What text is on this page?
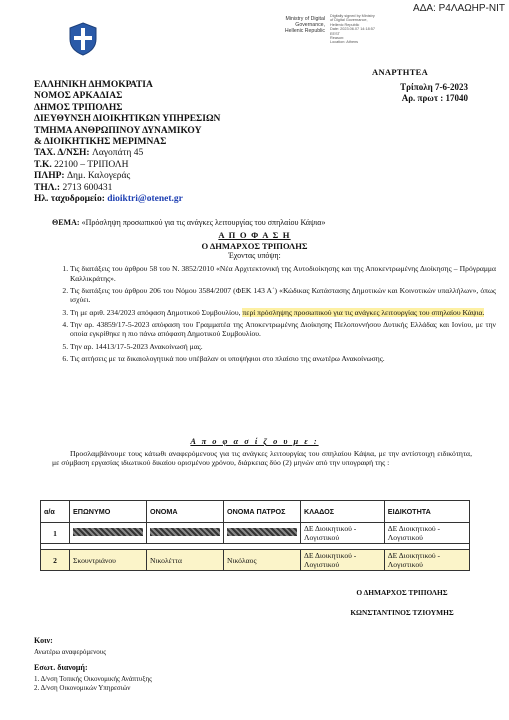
ΑΔΑ: Ρ4ΛΑΩΗΡ-ΝΙΤ
Ministry of Digital
Governance,
Hellenic Republic
Digitally signed by Ministry
of Digital Governance,
Hellenic Republic
Date: 2023.06.07 14:18:57
EEST
Reason:
Location: Athens
ΑΝΑΡΤΗΤΕΑ
ΕΛΛΗΝΙΚΗ ΔΗΜΟΚΡΑΤΙΑ
ΝΟΜΟΣ ΑΡΚΑΔΙΑΣ
ΔΗΜΟΣ ΤΡΙΠΟΛΗΣ
ΔΙΕΥΘΥΝΣΗ ΔΙΟΙΚΗΤΙΚΩΝ ΥΠΗΡΕΣΙΩΝ
ΤΜΗΜΑ ΑΝΘΡΩΠΙΝΟΥ ΔΥΝΑΜΙΚΟΥ
& ΔΙΟΙΚΗΤΙΚΗΣ ΜΕΡΙΜΝΑΣ
ΤΑΧ. Δ/ΝΣΗ: Λαγοπάτη 45
Τ.Κ. 22100 – ΤΡΙΠΟΛΗ
ΠΛΗΡ: Δημ. Καλογεράς
ΤΗΛ.: 2713 600431
Ηλ. ταχυδρομείο: dioiktri@otenet.gr
Τρίπολη 7-6-2023
Αρ. πρωτ : 17040
ΘΕΜΑ: «Πρόσληψη προσωπικού για τις ανάγκες λειτουργίας του σπηλαίου Κάψια»
Α Π Ο Φ Α Σ Η
Ο ΔΗΜΑΡΧΟΣ ΤΡΙΠΟΛΗΣ
Έχοντας υπόψη:
1. Τις διατάξεις του άρθρου 58 του Ν. 3852/2010 «Νέα Αρχιτεκτονική της Αυτοδιοίκησης και της Αποκεντρωμένης Διοίκησης – Πρόγραμμα Καλλικράτης».
2. Τις διατάξεις του άρθρου 206 του Νόμου 3584/2007 (ΦΕΚ 143 Α΄) «Κώδικας Κατάστασης Δημοτικών και Κοινοτικών υπαλλήλων», όπως ισχύει.
3. Τη με αριθ. 234/2023 απόφαση Δημοτικού Συμβουλίου, περί πρόσληψης προσωπικού για τις ανάγκες λειτουργίας του σπηλαίου Κάψια.
4. Την αρ. 43859/17-5-2023 απόφαση του Γραμματέα της Αποκεντρωμένης Διοίκησης Πελοποννήσου Δυτικής Ελλάδας και Ιονίου, με την οποία εγκρίθηκε η πιο πάνω απόφαση Δημοτικού Συμβουλίου.
5. Την αρ. 14413/17-5-2023 Ανακοίνωσή μας.
6. Τις αιτήσεις με τα δικαιολογητικά που υπέβαλαν οι υποψήφιοι στο πλαίσιο της ανωτέρω Ανακοίνωσης.
Α π ο φ α σ ί ζ ο υ μ ε :
Προσλαμβάνουμε τους κάτωθι αναφερόμενους για τις ανάγκες λειτουργίας του σπηλαίου Κάψια, με την αντίστοιχη ειδικότητα, με σύμβαση εργασίας ιδιωτικού δικαίου ορισμένου χρόνου, διάρκειας δύο (2) μηνών από την υπογραφή της :
α/α	ΕΠΩΝΥΜΟ	ΟΝΟΜΑ	ΟΝΟΜΑ ΠΑΤΡΟΣ	ΚΛΑΔΟΣ	ΕΙΔΙΚΟΤΗΤΑ
1				ΔΕ Διοικητικού - Λογιστικού	ΔΕ Διοικητικού - Λογιστικού

2	Σκουντριάνου	Νικολέττα	Νικόλαος	ΔΕ Διοικητικού - Λογιστικού	ΔΕ Διοικητικού - Λογιστικού
Ο ΔΗΜΑΡΧΟΣ ΤΡΙΠΟΛΗΣ
ΚΩΝΣΤΑΝΤΙΝΟΣ ΤΖΙΟΥΜΗΣ
Κοιν:
Ανωτέρω αναφερόμενους
Εσωτ. διανομή:
1. Δ/νση Τοπικής Οικονομικής Ανάπτυξης
2. Δ/νση Οικονομικών Υπηρεσιών
